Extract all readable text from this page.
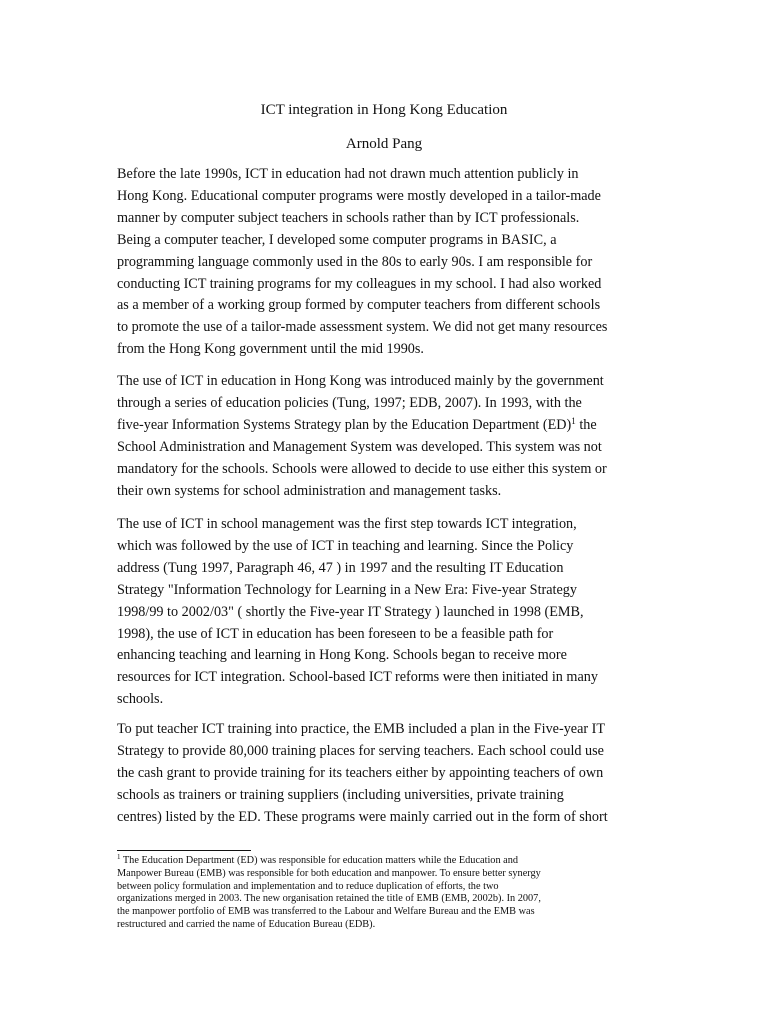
ICT integration in Hong Kong Education
Arnold Pang

Before the late 1990s, ICT in education had not drawn much attention publicly in
Hong Kong. Educational computer programs were mostly developed in a tailor-made
manner by computer subject teachers in schools rather than by ICT professionals.
Being a computer teacher, I developed some computer programs in BASIC, a
programming language commonly used in the 80s to early 90s. I am responsible for
conducting ICT training programs for my colleagues in my school. I had also worked
as a member of a working group formed by computer teachers from different schools
to promote the use of a tailor-made assessment system. We did not get many resources
from the Hong Kong government until the mid 1990s.

The use of ICT in education in Hong Kong was introduced mainly by the government
through a series of education policies (Tung, 1997; EDB, 2007). In 1993, with the
five-year Information Systems Strategy plan by the Education Department (ED)$^1$ the
School Administration and Management System was developed. This system was not
mandatory for the schools. Schools were allowed to decide to use either this system or
their own systems for school administration and management tasks.

The use of ICT in school management was the first step towards ICT integration,
which was followed by the use of ICT in teaching and learning. Since the Policy
address (Tung 1997, Paragraph 46, 47 ) in 1997 and the resulting IT Education
Strategy "Information Technology for Learning in a New Era: Five-year Strategy
1998/99 to 2002/03" ( shortly the Five-year IT Strategy ) launched in 1998 (EMB,
1998), the use of ICT in education has been foreseen to be a feasible path for
enhancing teaching and learning in Hong Kong. Schools began to receive more
resources for ICT integration. School-based ICT reforms were then initiated in many
schools.

To put teacher ICT training into practice, the EMB included a plan in the Five-year IT
Strategy to provide 80,000 training places for serving teachers. Each school could use
the cash grant to provide training for its teachers either by appointing teachers of own
schools as trainers or training suppliers (including universities, private training
centres) listed by the ED. These programs were mainly carried out in the form of short

$^1$ The Education Department (ED) was responsible for education matters while the Education and
Manpower Bureau (EMB) was responsible for both education and manpower. To ensure better synergy
between policy formulation and implementation and to reduce duplication of efforts, the two
organizations merged in 2003. The new organisation retained the title of EMB (EMB, 2002b). In 2007,
the manpower portfolio of EMB was transferred to the Labour and Welfare Bureau and the EMB was
restructured and carried the name of Education Bureau (EDB).
